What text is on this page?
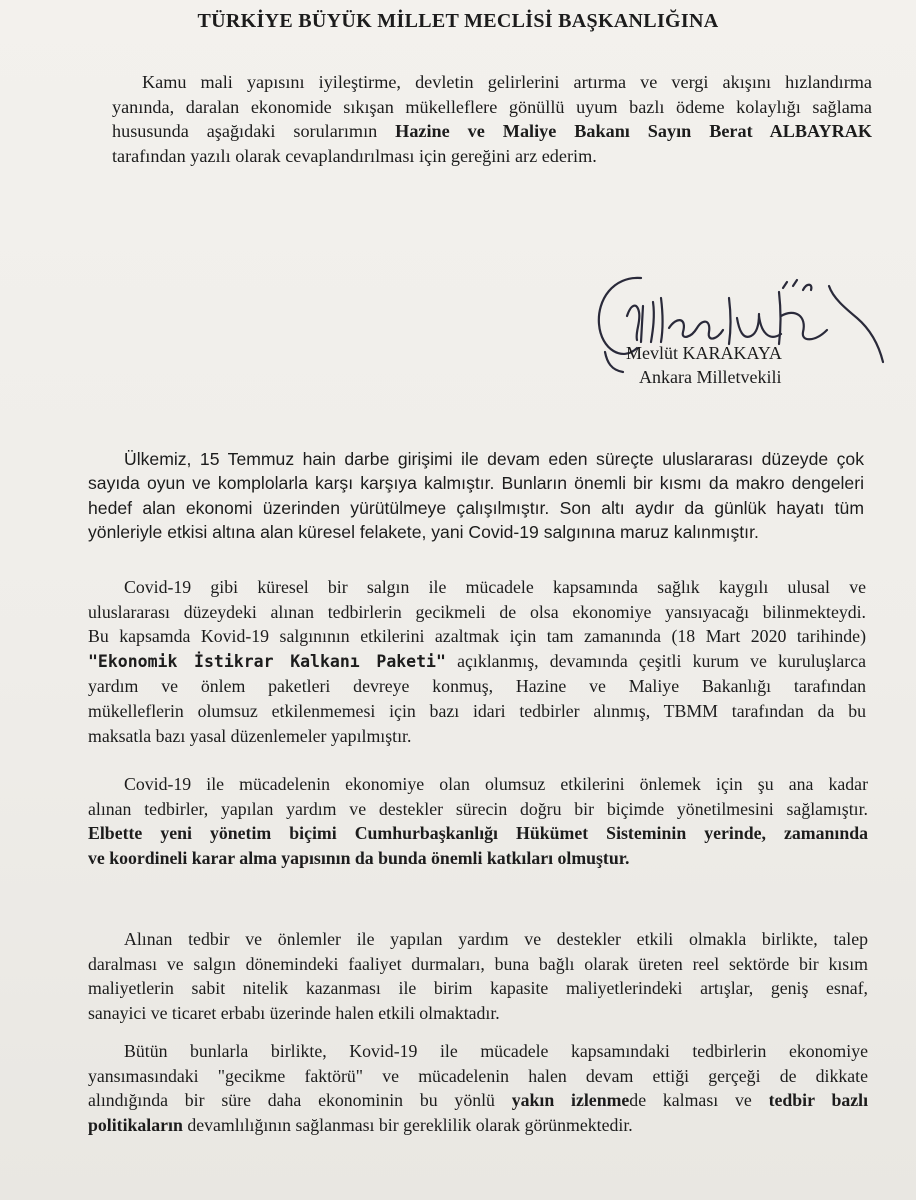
TÜRKİYE BÜYÜK MİLLET MECLİSİ BAŞKANLIĞINA
Kamu mali yapısını iyileştirme, devletin gelirlerini artırma ve vergi akışını hızlandırma
yanında, daralan ekonomide sıkışan mükelleflere gönüllü uyum bazlı ödeme kolaylığı sağlama
hususunda aşağıdaki sorularımın Hazine ve Maliye Bakanı Sayın Berat ALBAYRAK
tarafından yazılı olarak cevaplandırılması için gereğini arz ederim.
Mevlüt KARAKAYA
Ankara Milletvekili
Ülkemiz, 15 Temmuz hain darbe girişimi ile devam eden süreçte uluslararası düzeyde çok
sayıda oyun ve komplolarla karşı karşıya kalmıştır. Bunların önemli bir kısmı da makro dengeleri
hedef alan ekonomi üzerinden yürütülmeye çalışılmıştır. Son altı aydır da günlük hayatı tüm
yönleriyle etkisi altına alan küresel felakete, yani Covid-19 salgınına maruz kalınmıştır.
Covid-19 gibi küresel bir salgın ile mücadele kapsamında sağlık kaygılı ulusal ve
uluslararası düzeydeki alınan tedbirlerin gecikmeli de olsa ekonomiye yansıyacağı bilinmekteydi.
Bu kapsamda Kovid-19 salgınının etkilerini azaltmak için tam zamanında (18 Mart 2020 tarihinde)
"Ekonomik İstikrar Kalkanı Paketi" açıklanmış, devamında çeşitli kurum ve kuruluşlarca
yardım ve önlem paketleri devreye konmuş, Hazine ve Maliye Bakanlığı tarafından
mükelleflerin olumsuz etkilenmemesi için bazı idari tedbirler alınmış, TBMM tarafından da bu
maksatla bazı yasal düzenlemeler yapılmıştır.
Covid-19 ile mücadelenin ekonomiye olan olumsuz etkilerini önlemek için şu ana kadar
alınan tedbirler, yapılan yardım ve destekler sürecin doğru bir biçimde yönetilmesini sağlamıştır.
Elbette yeni yönetim biçimi Cumhurbaşkanlığı Hükümet Sisteminin yerinde, zamanında
ve koordineli karar alma yapısının da bunda önemli katkıları olmuştur.
Alınan tedbir ve önlemler ile yapılan yardım ve destekler etkili olmakla birlikte, talep
daralması ve salgın dönemindeki faaliyet durmaları, buna bağlı olarak üreten reel sektörde bir kısım
maliyetlerin sabit nitelik kazanması ile birim kapasite maliyetlerindeki artışlar, geniş esnaf,
sanayici ve ticaret erbabı üzerinde halen etkili olmaktadır.
Bütün bunlarla birlikte, Kovid-19 ile mücadele kapsamındaki tedbirlerin ekonomiye
yansımasındaki "gecikme faktörü" ve mücadelenin halen devam ettiği gerçeği de dikkate
alındığında bir süre daha ekonominin bu yönlü yakın izlenmede kalması ve tedbir bazlı
politikaların devamlılığının sağlanması bir gereklilik olarak görünmektedir.
